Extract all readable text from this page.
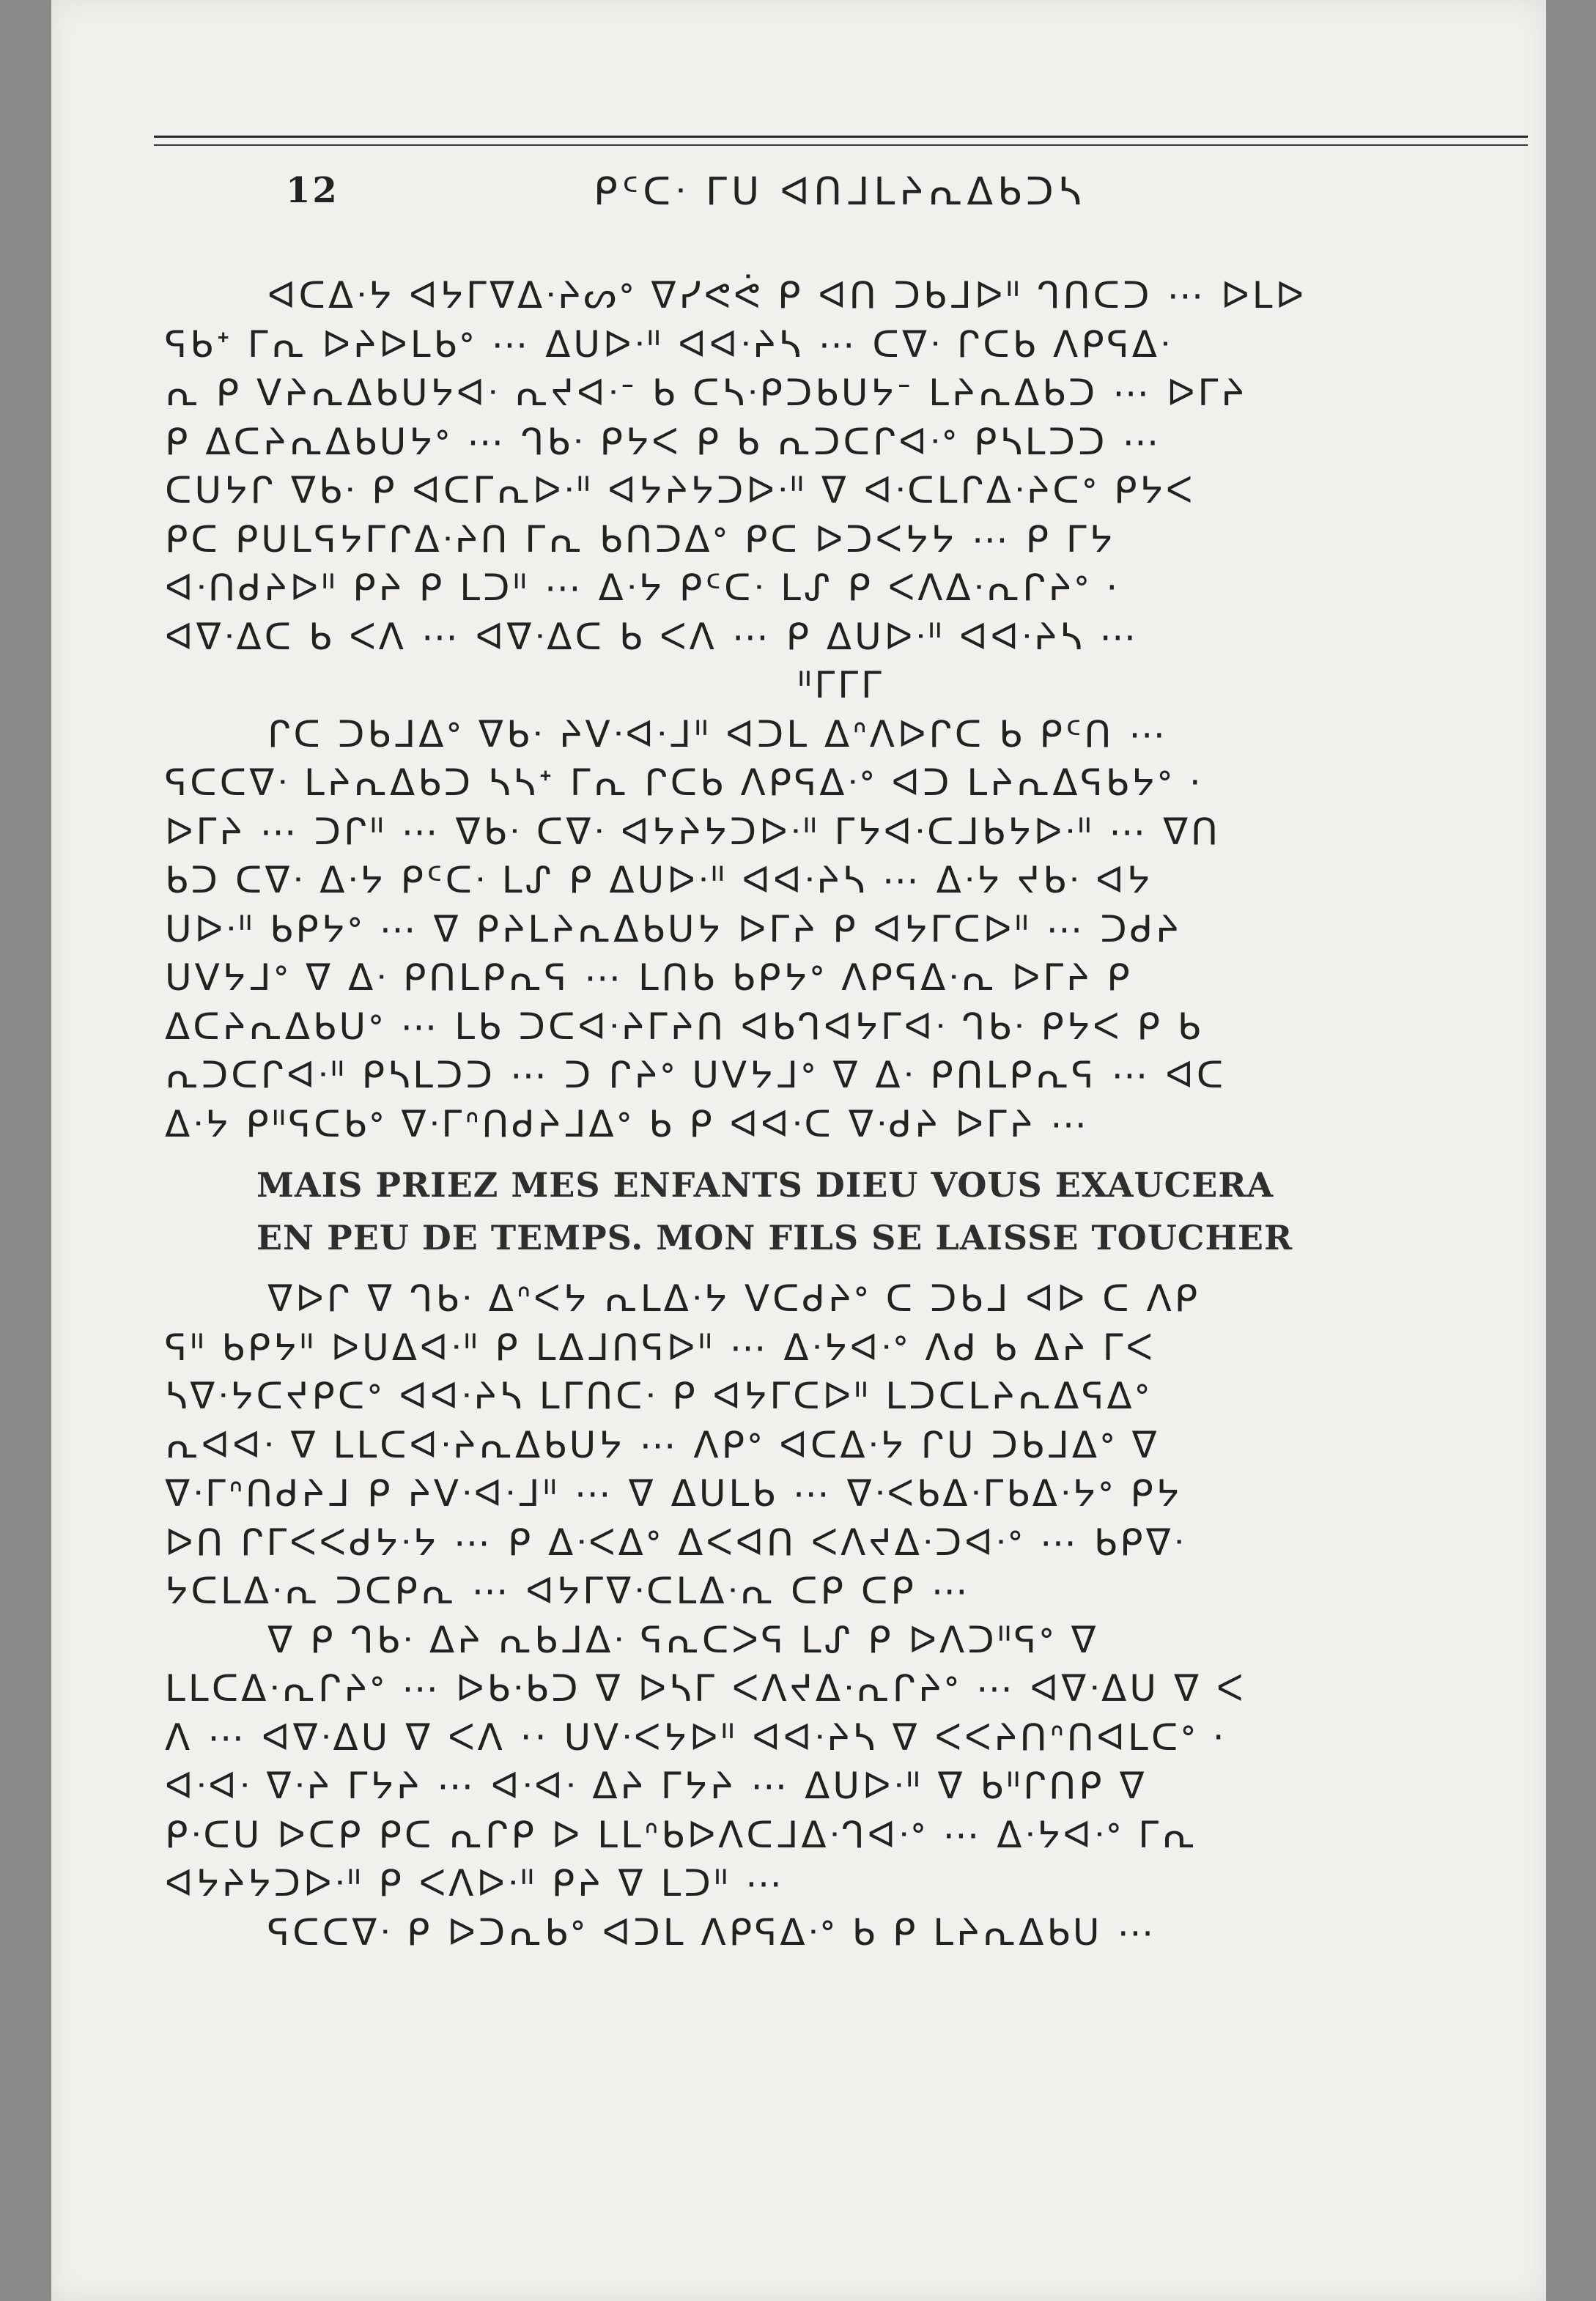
12	ᑭᑦᑕᐧ ᒥᑌ ᐊᑎᒧᒪᔨᕆᐃᑲᑐᓴ
ᐊᑕᐃᐧᔭ ᐊᔭᒥᐁᐃᐧᔨᔕᐤ ᐁᓯᕙᕚ ᑭ ᐊᑎ ᑐᑲᒧᐅᐦ ᒉᑎᑕᑐ ⋯ ᐅᒪᐅ
ᕋᑲᐩ ᒥᕆ ᐅᔨᐅᒪᑲᐤ ⋯ ᐃᑌᐅᐧᐦ ᐊᐊᐧᔨᓴ ⋯ ᑕᐁᐧ ᒋᑕᑲ ᐱᑭᕋᐃᐧ
ᕆ ᑭ ᐯᔨᕆᐃᑲᑌᔭᐊᐧ ᕆᔪᐊᐧᐨ ᑲ ᑕᓴᐧᑭᑐᑲᑌᔭᐨ ᒪᔨᕆᐃᑲᑐ ⋯ ᐅᒥᔨ
ᑭ ᐃᑕᔨᕆᐃᑲᑌᔭᐤ ⋯ ᒉᑲᐧ ᑭᔭᐸ ᑭ ᑲ ᕆᑐᑕᒋᐊᐧᐤ ᑭᓴᒪᑐᑐ ⋯
ᑕᑌᔭᒋ ᐁᑲᐧ ᑭ ᐊᑕᒥᕆᐅᐧᐦ ᐊᔭᔨᔭᑐᐅᐧᐦ ᐁ ᐊᐧᑕᒪᒋᐃᐧᔨᑕᐤ ᑭᔭᐸ
ᑭᑕ ᑭᑌᒪᕋᔭᒥᒋᐃᐧᔨᑎ ᒥᕆ ᑲᑎᑐᐃᐤ ᑭᑕ ᐅᑐᐸᔭᔭ ⋯ ᑭ ᒥᔭ
ᐊᐧᑎᑯᔨᐅᐦ ᑭᔨ ᑭ ᒪᑐᐦ ⋯ ᐃᐧᔭ ᑭᑦᑕᐧ ᒪᔑ ᑭ ᐸᐱᐃᐧᕆᒋᔨᐤ ·
ᐊᐁᐧᐃᑕ ᑲ ᐸᐱ ⋯ ᐊᐁᐧᐃᑕ ᑲ ᐸᐱ ⋯ ᑭ ᐃᑌᐅᐧᐦ ᐊᐊᐧᔨᓴ ⋯
ᐦᒥᒥᒥ
ᒋᑕ ᑐᑲᒧᐃᐤ ᐁᑲᐧ ᔨᐯᐧᐊᐧᒧᐦ ᐊᑐᒪ ᐃᐢᐱᐅᒋᑕ ᑲ ᑭᑦᑎ ⋯
ᕋᑕᑕᐁᐧ ᒪᔨᕆᐃᑲᑐ ᓴᓴᐩ ᒥᕆ ᒋᑕᑲ ᐱᑭᕋᐃᐧᐤ ᐊᑐ ᒪᔨᕆᐃᕋᑲᔭᐤ ·
ᐅᒥᔨ ⋯ ᑐᒋᐦ ⋯ ᐁᑲᐧ ᑕᐁᐧ ᐊᔭᔨᔭᑐᐅᐧᐦ ᒥᔭᐊᐧᑕᒧᑲᔭᐅᐧᐦ ⋯ ᐁᑎ
ᑲᑐ ᑕᐁᐧ ᐃᐧᔭ ᑭᑦᑕᐧ ᒪᔑ ᑭ ᐃᑌᐅᐧᐦ ᐊᐊᐧᔨᓴ ⋯ ᐃᐧᔭ ᔪᑲᐧ ᐊᔭ
ᑌᐅᐧᐦ ᑲᑭᔭᐤ ⋯ ᐁ ᑭᔨᒪᔨᕆᐃᑲᑌᔭ ᐅᒥᔨ ᑭ ᐊᔭᒥᑕᐅᐦ ⋯ ᑐᑯᔨ
ᑌᐯᔭᒧᐤ ᐁ ᐃᐧ ᑭᑎᒪᑭᕆᕋ ⋯ ᒪᑎᑲ ᑲᑭᔭᐤ ᐱᑭᕋᐃᐧᕆ ᐅᒥᔨ ᑭ
ᐃᑕᔨᕆᐃᑲᑌᐤ ⋯ ᒪᑲ ᑐᑕᐊᐧᔨᒥᔨᑎ ᐊᑲᒉᐊᔭᒥᐊᐧ ᒉᑲᐧ ᑭᔭᐸ ᑭ ᑲ
ᕆᑐᑕᒋᐊᐧᐦ ᑭᓴᒪᑐᑐ ⋯ ᑐ ᒋᔨᐤ ᑌᐯᔭᒧᐤ ᐁ ᐃᐧ ᑭᑎᒪᑭᕆᕋ ⋯ ᐊᑕ
ᐃᐧᔭ ᑭᐦᕋᑕᑲᐤ ᐁᐧᒥᐢᑎᑯᔨᒧᐃᐤ ᑲ ᑭ ᐊᐊᐧᑕ ᐁᐧᑯᔨ ᐅᒥᔨ ⋯
MAIS PRIEZ MES ENFANTS DIEU VOUS EXAUCERA
EN PEU DE TEMPS. MON FILS SE LAISSE TOUCHER
ᐁᐅᒋ ᐁ ᒉᑲᐧ ᐃᐢᐸᔭ ᕆᒪᐃᐧᔭ ᐯᑕᑯᔨᐤ ᑕ ᑐᑲᒧ ᐊᐅ ᑕ ᐱᑭ
ᕋᐦ ᑲᑭᔭᐦ ᐅᑌᐃᐊᐧᐦ ᑭ ᒪᐃᒧᑎᕋᐅᐦ ⋯ ᐃᐧᔭᐊᐧᐤ ᐱᑯ ᑲ ᐃᔨ ᒥᐸ
ᓴᐁᐧᔭᑕᔪᑭᑕᐤ ᐊᐊᐧᔨᓴ ᒪᒥᑎᑕᐧ ᑭ ᐊᔭᒥᑕᐅᐦ ᒪᑐᑕᒪᔨᕆᐃᕋᐃᐤ
ᕆᐊᐊᐧ ᐁ ᒪᒪᑕᐊᐧᔨᕆᐃᑲᑌᔭ ⋯ ᐱᑭᐤ ᐊᑕᐃᐧᔭ ᒋᑌ ᑐᑲᒧᐃᐤ ᐁ
ᐁᐧᒥᐢᑎᑯᔨᒧ ᑭ ᔨᐯᐧᐊᐧᒧᐦ ⋯ ᐁ ᐃᑌᒪᑲ ⋯ ᐁᐧᐸᑲᐃᐧᒥᑲᐃᐧᔭᐤ ᑭᔭ
ᐅᑎ ᒋᒥᐸᐸᑯᔭᐧᔭ ⋯ ᑭ ᐃᐧᐸᐃᐤ ᐃᐸᐊᑎ ᐸᐱᔪᐃᐧᑐᐊᐧᐤ ⋯ ᑲᑭᐁᐧ
ᔭᑕᒪᐃᐧᕆ ᑐᑕᑭᕆ ⋯ ᐊᔭᒥᐁᐧᑕᒪᐃᐧᕆ ᑕᑭ ᑕᑭ ⋯
ᐁ ᑭ ᒉᑲᐧ ᐃᔨ ᕆᑲᒧᐃᐧ ᕋᕆᑕᐳᕋ ᒪᔑ ᑭ ᐅᐱᑐᐦᕋᐤ ᐁ
ᒪᒪᑕᐃᐧᕆᒋᔨᐤ ⋯ ᐅᑲᐧᑲᑐ ᐁ ᐅᓴᒥ ᐸᐱᔪᐃᐧᕆᒋᔨᐤ ⋯ ᐊᐁᐧᐃᑌ ᐁ ᐸ
ᐱ ⋯ ᐊᐁᐧᐃᑌ ᐁ ᐸᐱ ·· ᑌᐯᐧᐸᔭᐅᐦ ᐊᐊᐧᔨᓴ ᐁ ᐸᐸᔨᑎᐢᑎᐊᒪᑕᐤ ·
ᐊᐧᐊᐧ ᐁᐧᔨ ᒥᔭᔨ ⋯ ᐊᐧᐊᐧ ᐃᔨ ᒥᔭᔨ ⋯ ᐃᑌᐅᐧᐦ ᐁ ᑲᐦᒋᑎᑭ ᐁ
ᑭᐧᑕᑌ ᐅᑕᑭ ᑭᑕ ᕆᒋᑭ ᐅ ᒪᒪᐢᑲᐅᐱᑕᒧᐃᐧᒉᐊᐧᐤ ⋯ ᐃᐧᔭᐊᐧᐤ ᒥᕆ
ᐊᔭᔨᔭᑐᐅᐧᐦ ᑭ ᐸᐱᐅᐧᐦ ᑭᔨ ᐁ ᒪᑐᐦ ⋯
ᕋᑕᑕᐁᐧ ᑭ ᐅᑐᕆᑲᐤ ᐊᑐᒪ ᐱᑭᕋᐃᐧᐤ ᑲ ᑭ ᒪᔨᕆᐃᑲᑌ ⋯
